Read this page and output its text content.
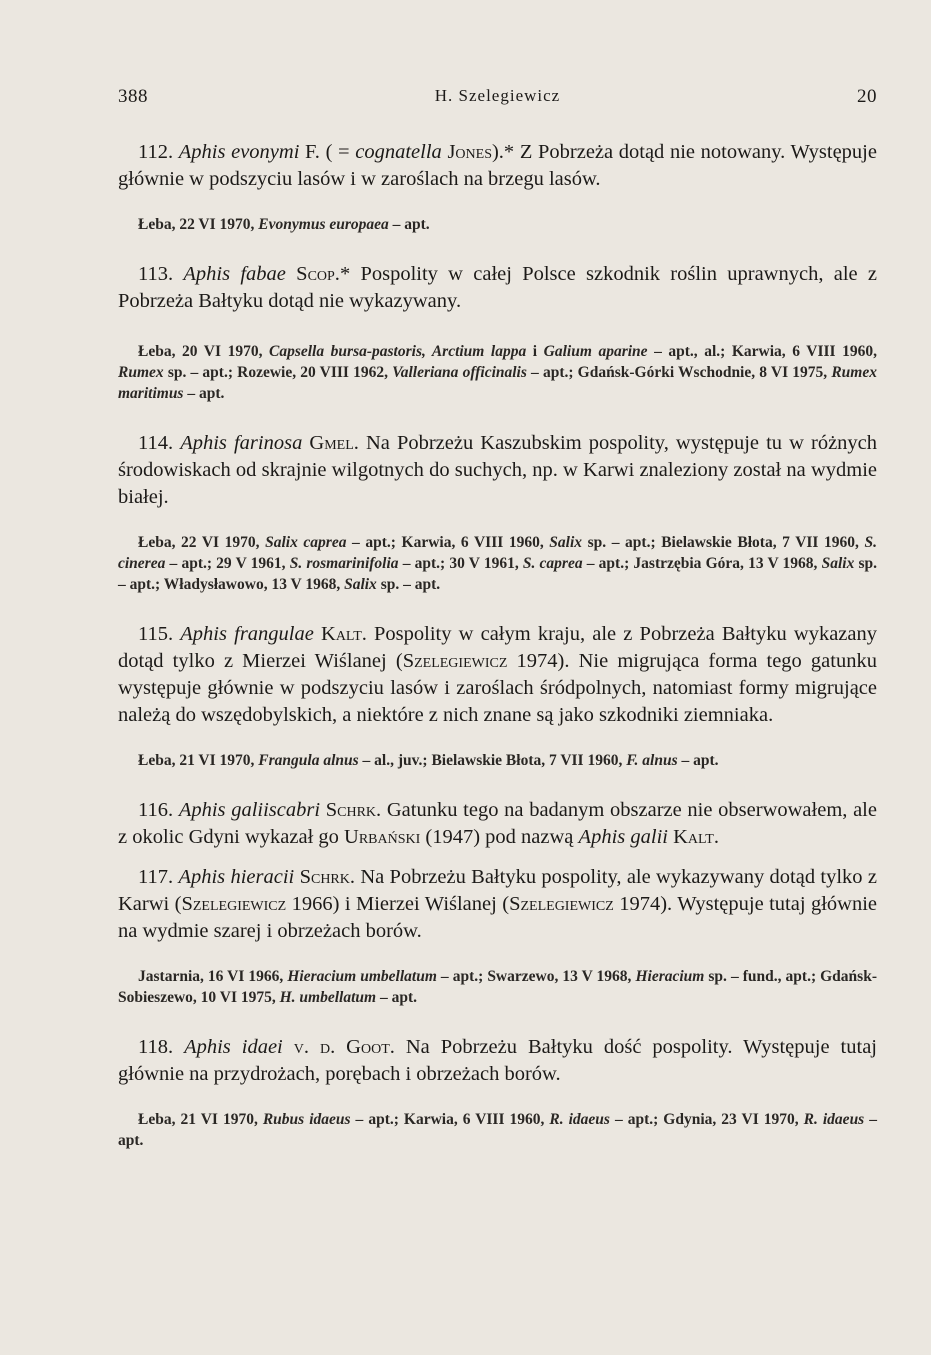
388	H. Szelegiewicz	20

112. Aphis evonymi F. ( = cognatella Jones).* Z Pobrzeża dotąd nie notowany. Występuje głównie w podszyciu lasów i w zaroślach na brzegu lasów.

Łeba, 22 VI 1970, Evonymus europaea – apt.

113. Aphis fabae Scop.* Pospolity w całej Polsce szkodnik roślin uprawnych, ale z Pobrzeża Bałtyku dotąd nie wykazywany.

Łeba, 20 VI 1970, Capsella bursa-pastoris, Arctium lappa i Galium aparine – apt., al.; Karwia, 6 VIII 1960, Rumex sp. – apt.; Rozewie, 20 VIII 1962, Valleriana officinalis – apt.; Gdańsk-Górki Wschodnie, 8 VI 1975, Rumex maritimus – apt.

114. Aphis farinosa Gmel. Na Pobrzeżu Kaszubskim pospolity, występuje tu w różnych środowiskach od skrajnie wilgotnych do suchych, np. w Karwi znaleziony został na wydmie białej.

Łeba, 22 VI 1970, Salix caprea – apt.; Karwia, 6 VIII 1960, Salix sp. – apt.; Bielawskie Błota, 7 VII 1960, S. cinerea – apt.; 29 V 1961, S. rosmarinifolia – apt.; 30 V 1961, S. caprea – apt.; Jastrzębia Góra, 13 V 1968, Salix sp. – apt.; Władysławowo, 13 V 1968, Salix sp. – apt.

115. Aphis frangulae Kalt. Pospolity w całym kraju, ale z Pobrzeża Bałtyku wykazany dotąd tylko z Mierzei Wiślanej (Szelegiewicz 1974). Nie migrująca forma tego gatunku występuje głównie w podszyciu lasów i zaroślach śródpolnych, natomiast formy migrujące należą do wszędobylskich, a niektóre z nich znane są jako szkodniki ziemniaka.

Łeba, 21 VI 1970, Frangula alnus – al., juv.; Bielawskie Błota, 7 VII 1960, F. alnus – apt.

116. Aphis galiiscabri Schrk. Gatunku tego na badanym obszarze nie obserwowałem, ale z okolic Gdyni wykazał go Urbański (1947) pod nazwą Aphis galii Kalt.

117. Aphis hieracii Schrk. Na Pobrzeżu Bałtyku pospolity, ale wykazywany dotąd tylko z Karwi (Szelegiewicz 1966) i Mierzei Wiślanej (Szelegiewicz 1974). Występuje tutaj głównie na wydmie szarej i obrzeżach borów.

Jastarnia, 16 VI 1966, Hieracium umbellatum – apt.; Swarzewo, 13 V 1968, Hieracium sp. – fund., apt.; Gdańsk-Sobieszewo, 10 VI 1975, H. umbellatum – apt.

118. Aphis idaei v. d. Goot. Na Pobrzeżu Bałtyku dość pospolity. Występuje tutaj głównie na przydrożach, porębach i obrzeżach borów.

Łeba, 21 VI 1970, Rubus idaeus – apt.; Karwia, 6 VIII 1960, R. idaeus – apt.; Gdynia, 23 VI 1970, R. idaeus – apt.
